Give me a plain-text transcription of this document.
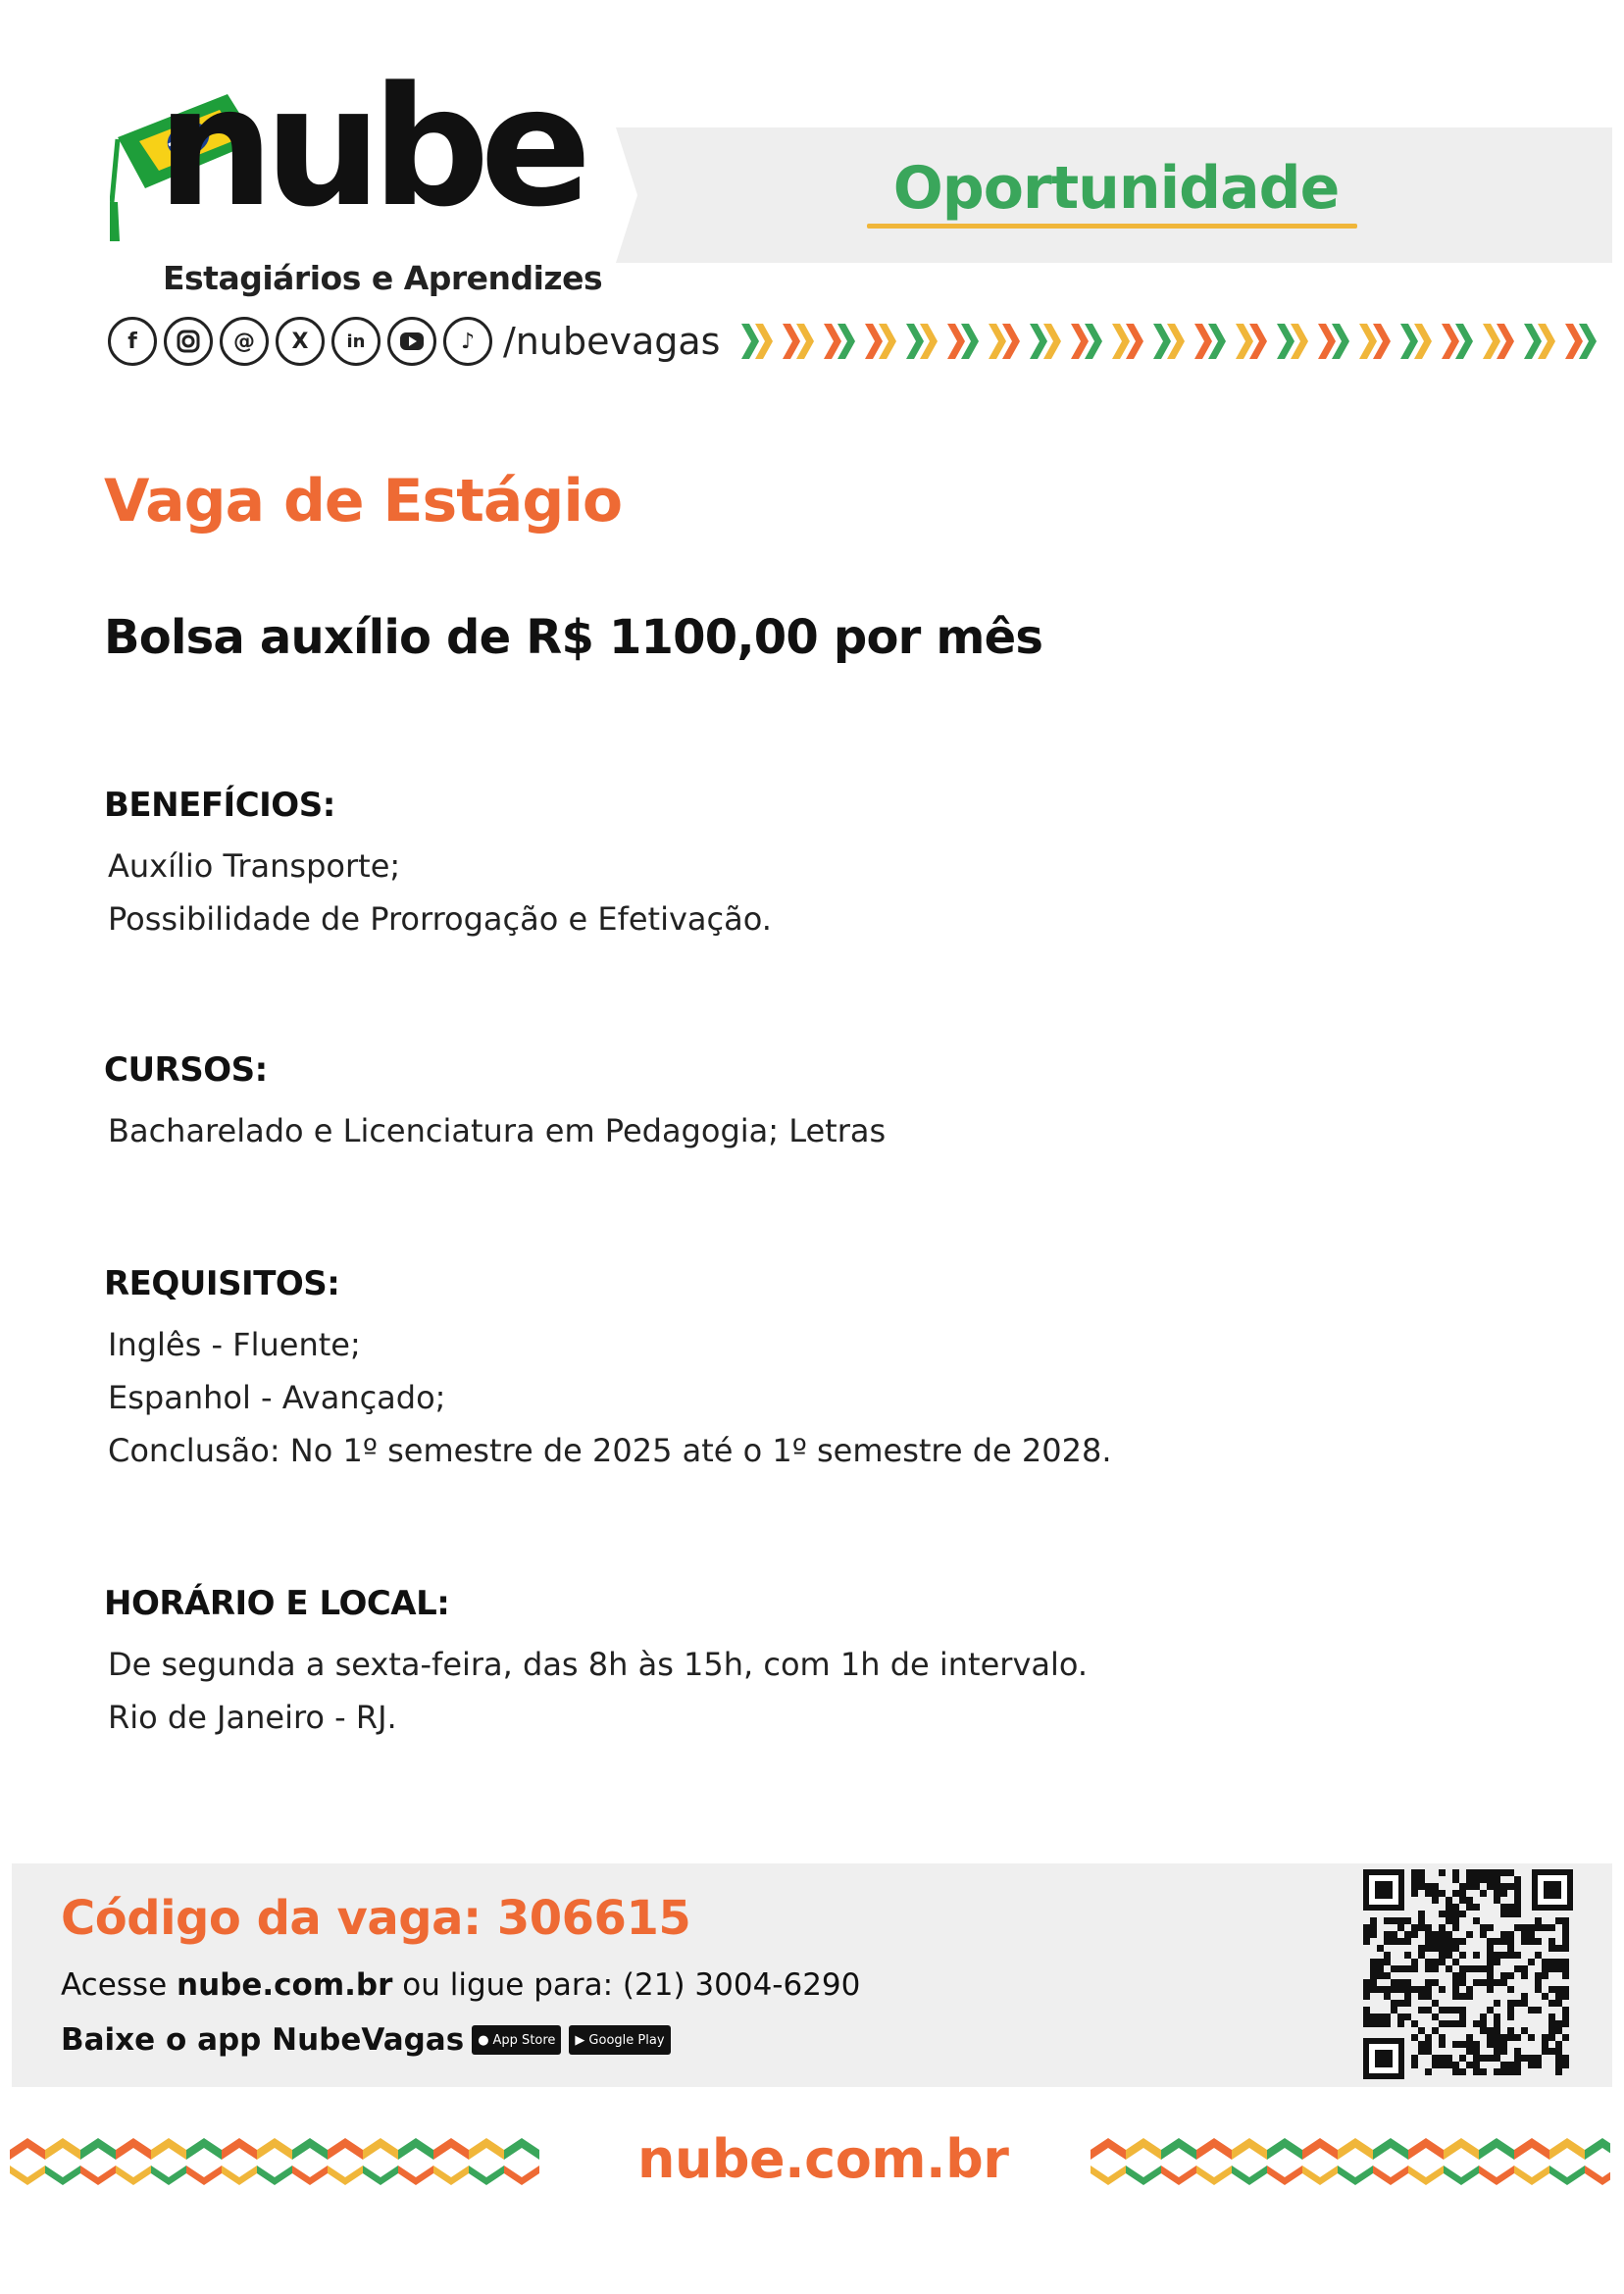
nube
Estagiários e Aprendizes
Oportunidade
f	@	X	in	♪ /nubevagas
Vaga de Estágio
Bolsa auxílio de R$ 1100,00 por mês
BENEFÍCIOS:
Auxílio Transporte;
Possibilidade de Prorrogação e Efetivação.
CURSOS:
Bacharelado e Licenciatura em Pedagogia; Letras
REQUISITOS:
Inglês - Fluente;
Espanhol - Avançado;
Conclusão: No 1º semestre de 2025 até o 1º semestre de 2028.
HORÁRIO E LOCAL:
De segunda a sexta-feira, das 8h às 15h, com 1h de intervalo.
Rio de Janeiro - RJ.
Código da vaga: 306615
Acesse nube.com.br ou ligue para: (21) 3004-6290
Baixe o app NubeVagas ● App Store ▶ Google Play
nube.com.br
